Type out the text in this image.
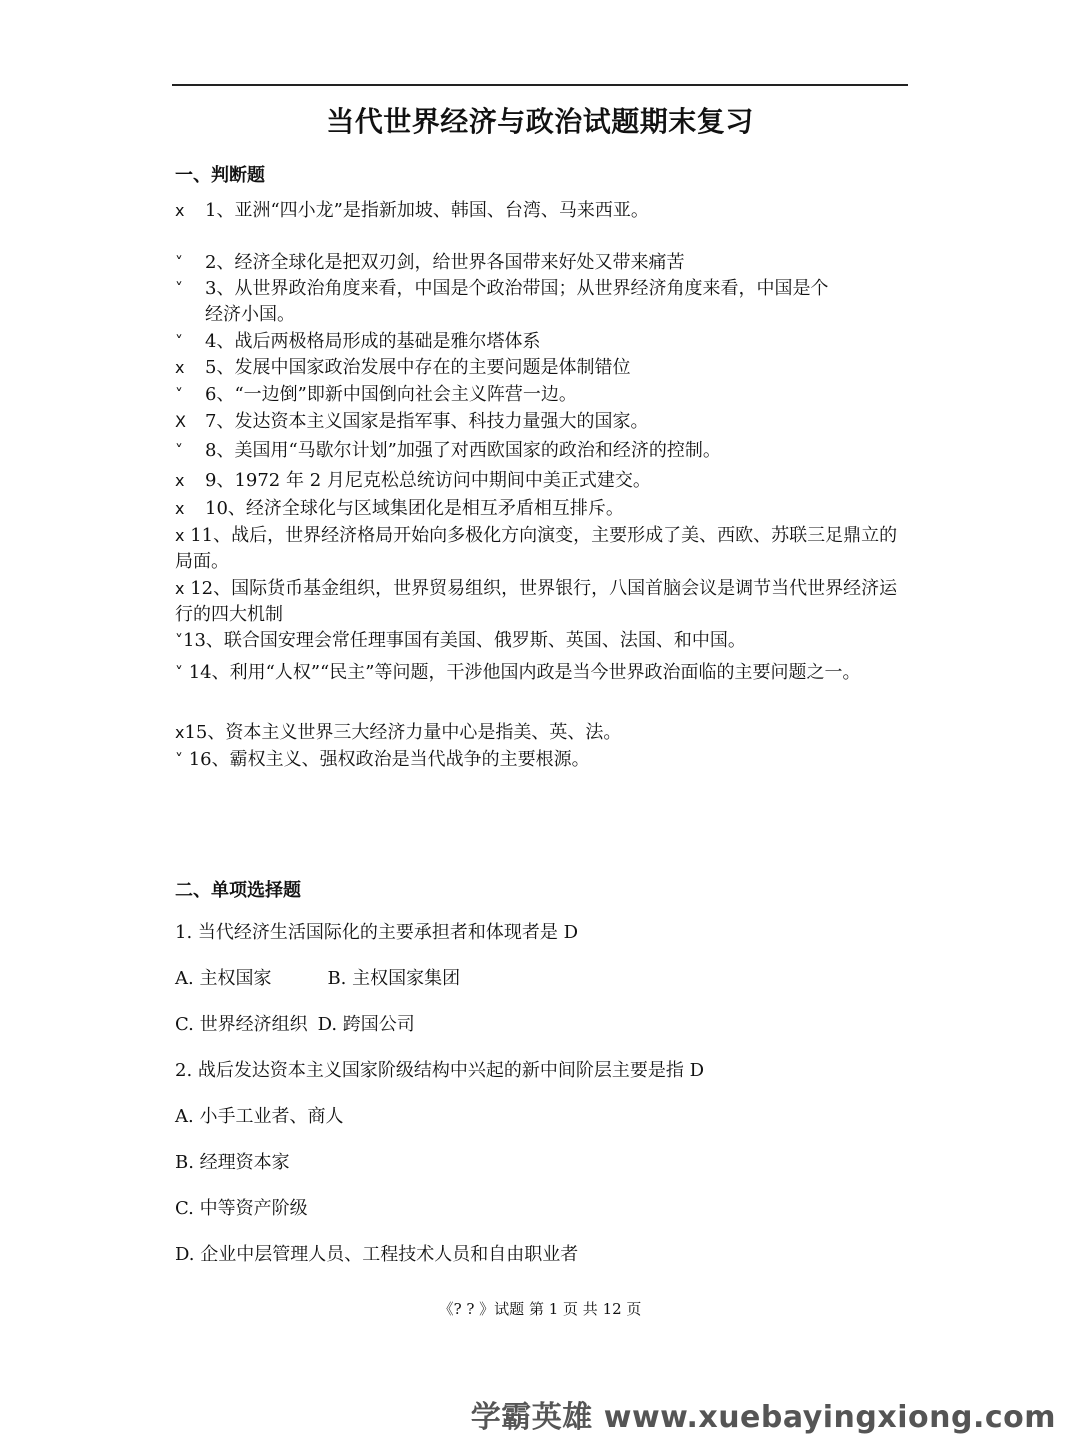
当代世界经济与政治试题期末复习
一、判断题
x 1、亚洲“四小龙”是指新加坡、韩国、台湾、马来西亚。
˅ 2、经济全球化是把双刃剑，给世界各国带来好处又带来痛苦
˅ 3、从世界政治角度来看，中国是个政治带国；从世界经济角度来看，中国是个
经济小国。
˅ 4、战后两极格局形成的基础是雅尔塔体系
x 5、发展中国家政治发展中存在的主要问题是体制错位
˅ 6、“一边倒”即新中国倒向社会主义阵营一边。
X 7、发达资本主义国家是指军事、科技力量强大的国家。
˅ 8、美国用“马歇尔计划”加强了对西欧国家的政治和经济的控制。
x 9、1972 年 2 月尼克松总统访问中期间中美正式建交。
x 10、经济全球化与区域集团化是相互矛盾相互排斥。
x 11、战后，世界经济格局开始向多极化方向演变，主要形成了美、西欧、苏联三足鼎立的局面。
x 12、国际货币基金组织，世界贸易组织，世界银行，八国首脑会议是调节当代世界经济运行的四大机制
˅13、联合国安理会常任理事国有美国、俄罗斯、英国、法国、和中国。
˅ 14、利用“人权”“民主”等问题，干涉他国内政是当今世界政治面临的主要问题之一。
x15、资本主义世界三大经济力量中心是指美、英、法。
˅ 16、霸权主义、强权政治是当代战争的主要根源。
二、单项选择题
1. 当代经济生活国际化的主要承担者和体现者是 D
A. 主权国家	B. 主权国家集团
C. 世界经济组织 D. 跨国公司
2. 战后发达资本主义国家阶级结构中兴起的新中间阶层主要是指 D
A. 小手工业者、商人
B. 经理资本家
C. 中等资产阶级
D. 企业中层管理人员、工程技术人员和自由职业者
《? ? 》试题 第 1 页 共 12 页
学霸英雄 www.xuebayingxiong.com
